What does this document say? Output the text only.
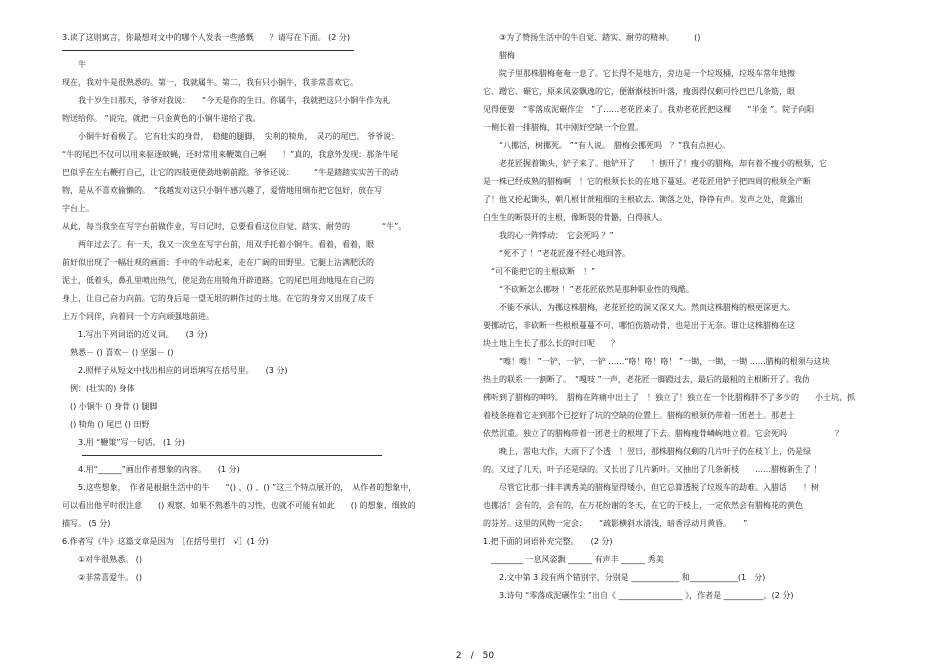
3.读了这则寓言，你最想对文中的哪个人发表一些感慨　　？请写在下面。 (2 分)
牛
现在，我对牛是很熟悉的。第一，我就属牛。第二，我有只小铜牛，我非常喜欢它。
我十岁生日那天，爷爷对我说：　　“今天是你的生日。你属牛，我就把这只小铜牛作为礼
物送给你。 ”说完，就把一只金黄色的小铜牛递给了我。
小铜牛好看极了。 它有壮实的身骨，　稳健的腿脚，　尖利的犄角，　灵巧的尾巴。 爷爷说：
“牛的尾巴不仅可以用来驱逐蚊蝇，还时常用来鞭策自己啊　　！”真的，我意外发现：那条牛尾
巴似乎在左右鞭打自己，让它的四肢更使劲地朝前蹬。爷爷还说：　　　“牛是踏踏实实苦干的动
物，是从不喜欢偷懒的。　“我越发对这只小铜牛感兴趣了，爱惜地用绸布把它包好，放在写
字台上。
从此，每当我坐在写字台前做作业，写日记时，总要看看这位自觉、踏实、耐劳的　　　　“牛”。
两年过去了。有一天，我又一次坐在写字台前，用双手托着小铜牛。看着，看着，眼
前好似出现了一幅壮观的画面：手中的牛动起来，走在广阔的田野里。它腿上沾满肥沃的
泥土，低着头，鼻孔里喷出热气，使足劲在用犄角开辟道路。它的尾巴用劲地甩在自己的
身上，让自己奋力向前。它的身后是一望无垠的耕作过的土地。在它的身旁又出现了成千
上万个同伴，向着同一个方向顽强地前进。
1.写出下列词语的近义词。　　(3 分)
熟悉－ () 喜欢－ () 坚强－ ()
2.照样子从短文中找出相应的词语填写在括号里。　　(3 分)
例：(壮实的) 身体
() 小铜牛 () 身骨 () 腿脚
() 犄角 () 尾巴 () 田野
3.用 “鞭策”写一句话。 (1 分)
4.用“______”画出作者想象的内容。　　(1 分)
5.这些想象，　作者是根据生活中的牛　　“() 、() 、() ”这三个特点展开的，　从作者的想象中，
可以看出他平时很注意　　() 观察，如果不熟悉牛的习性，也就不可能有如此　　() 的想象、细致的
描写。 (5 分)
6.作者写《牛》这篇文章是因为　［在括号里打　√］(1 分)
①对牛很熟悉。 ()
②非常喜爱牛。 ()
③为了赞扬生活中的牛自觉、踏实、耐劳的精神。　　　()
腊梅
院子里那株腊梅奄奄一息了。它长得不是地方，旁边是一个垃圾桶，垃圾车常年地擦
它、蹭它、碾它，原来风姿飘逸的它，便渐渐枝折叶落，瘦弱得仅剩可怜巴巴几条筋，眼
见得便要　“零落成泥碾作尘　”了……老花匠来了。我劝老花匠把这棵　　“半金 ”。院子向阳
一侧长着一排腊梅，其中刚好空缺一个位置。
“八挪活，树挪死。 ”“有人说。　腊梅会挪死吗　？”我有点担心。
老花匠握着锄头，铲子来了。他铲开了　　！刨开了！瘦小的腊梅，却有着不瘦小的根须，它
是一株已经成熟的腊梅啊　！它的根须长长的在地下蔓延。老花匠用铲子把四周的根须全产断
了！他又抡起锄头，朝几根甘蔗粗细的主根砍去。锄落之处，铮铮有声。发声之处，竟露出
白生生的断裂开的主根，像断裂的骨骼，白得骇人。
我的心一阵悸动：　它会死吗 ？”
“死不了 ！”老花匠漫不经心地回答。
“可不能把它的主根砍断　！”
“不砍断怎么挪呀 ！”老花匠依然是那种职业性的残酷。
不能不承认，为挪这株腊梅，老花匠挖的洞又深又大。然而这株腊梅的根更深更大。
要挪动它，非砍断一些根根蔓蔓不可，哪怕伤筋动骨，也是出于无奈。谁让这株腊梅在这
块土地上生长了那么长的时日呢　　？
“嚓！嚓！ ”一铲，一铲，一铲 ……“咯！咯！咯！ ”一锄，一锄，一锄 ……腊梅的根须与这块
热土的联系一一割断了。　“嘎吱 ”一声，老花匠一脚蹬过去，最后的最粗的主根断开了。我仿
佛听到了腊梅的呻吟。　腊梅在阵痛中出土了　！独立了！独立在一个比腊梅胖不了多少的　　小土坑，抓
着枝条拖着它走到那个已挖好了坑的空缺的位置上。腊梅的根须仍带着一团老土。那老土
依然沉重。独立了的腊梅带着一团老土的根埋了下去。腊梅瘦骨嶙峋地立着。它会死吗　　　　　　？
晚上，雷电大作，大雨下了个透　！翌日，那株腊梅仅剩的几片叶子仍在枝丫上，仍是绿
的。又过了几天，叶子还是绿的。又长出了几片新叶。又抽出了几条新枝　　……腊梅新生了 ！
尽管它比那一排丰满秀美的腊梅显得矮小，但它总算透脱了垃圾车的劫难。入腊话　　！树
也挪活！会有的，会有的，在万花纷谢的冬天，在它的干枝上，一定依然会有腊梅花的黄色
的芬芳。这里的风物一定会：　　“疏影横斜水清浅，暗香浮动月黄昏。　　”
1.把下面的词语补充完整。　　(2 分)
________ 一息风姿飘 ______ 有声丰 ______ 秀美
2.文中第 3 段有两个错别字，分别是 ____________ 和____________(1　分)
3.诗句 “零落成泥碾作尘 ”出自《 ________________ 》，作者是 __________。(2 分)
2　/　50
